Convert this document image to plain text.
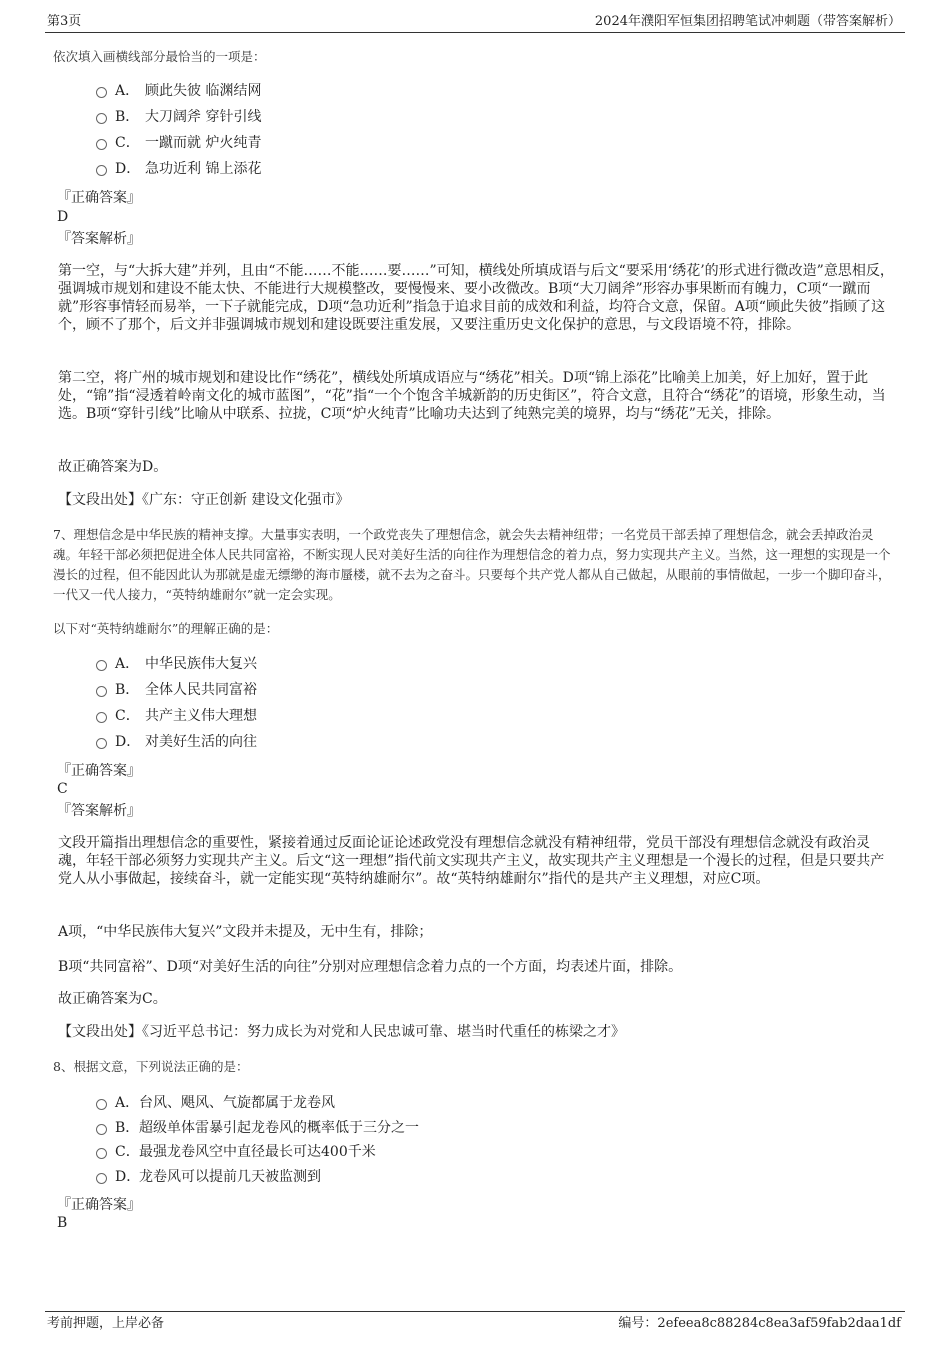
第3页	2024年濮阳军恒集团招聘笔试冲刺题（带答案解析）
依次填入画横线部分最恰当的一项是：
A． 顾此失彼 临渊结网
B． 大刀阔斧 穿针引线
C． 一蹴而就 炉火纯青
D． 急功近利 锦上添花
『正确答案』
D
『答案解析』
第一空，与“大拆大建”并列，且由“不能……不能……要……”可知，横线处所填成语与后文“要采用‘绣花’的形式进行微改造”意思相反，强调城市规划和建设不能太快、不能进行大规模整改，要慢慢来、要小改微改。B项“大刀阔斧”形容办事果断而有魄力，C项“一蹴而就”形容事情轻而易举，一下子就能完成，D项“急功近利”指急于追求目前的成效和利益，均符合文意，保留。A项“顾此失彼”指顾了这个，顾不了那个，后文并非强调城市规划和建设既要注重发展，又要注重历史文化保护的意思，与文段语境不符，排除。
第二空，将广州的城市规划和建设比作“绣花”，横线处所填成语应与“绣花”相关。D项“锦上添花”比喻美上加美，好上加好，置于此处，“锦”指“浸透着岭南文化的城市蓝图”，“花”指“一个个饱含羊城新韵的历史街区”，符合文意，且符合“绣花”的语境，形象生动，当选。B项“穿针引线”比喻从中联系、拉拢，C项“炉火纯青”比喻功夫达到了纯熟完美的境界，均与“绣花”无关，排除。
故正确答案为D。
【文段出处】《广东：守正创新 建设文化强市》
7、理想信念是中华民族的精神支撑。大量事实表明，一个政党丧失了理想信念，就会失去精神纽带；一名党员干部丢掉了理想信念，就会丢掉政治灵魂。年轻干部必须把促进全体人民共同富裕，不断实现人民对美好生活的向往作为理想信念的着力点，努力实现共产主义。当然，这一理想的实现是一个漫长的过程，但不能因此认为那就是虚无缥缈的海市蜃楼，就不去为之奋斗。只要每个共产党人都从自己做起，从眼前的事情做起，一步一个脚印奋斗，一代又一代人接力，“英特纳雄耐尔”就一定会实现。
以下对“英特纳雄耐尔”的理解正确的是：
A． 中华民族伟大复兴
B． 全体人民共同富裕
C． 共产主义伟大理想
D． 对美好生活的向往
『正确答案』
C
『答案解析』
文段开篇指出理想信念的重要性，紧接着通过反面论证论述政党没有理想信念就没有精神纽带，党员干部没有理想信念就没有政治灵魂，年轻干部必须努力实现共产主义。后文“这一理想”指代前文实现共产主义，故实现共产主义理想是一个漫长的过程，但是只要共产党人从小事做起，接续奋斗，就一定能实现“英特纳雄耐尔”。故“英特纳雄耐尔”指代的是共产主义理想，对应C项。
A项，“中华民族伟大复兴”文段并未提及，无中生有，排除；
B项“共同富裕”、D项“对美好生活的向往”分别对应理想信念着力点的一个方面，均表述片面，排除。
故正确答案为C。
【文段出处】《习近平总书记：努力成长为对党和人民忠诚可靠、堪当时代重任的栋梁之才》
8、根据文意，下列说法正确的是：
A．台风、飓风、气旋都属于龙卷风
B．超级单体雷暴引起龙卷风的概率低于三分之一
C．最强龙卷风空中直径最长可达400千米
D．龙卷风可以提前几天被监测到
『正确答案』
B
考前押题，上岸必备	编号：2efeea8c88284c8ea3af59fab2daa1df
